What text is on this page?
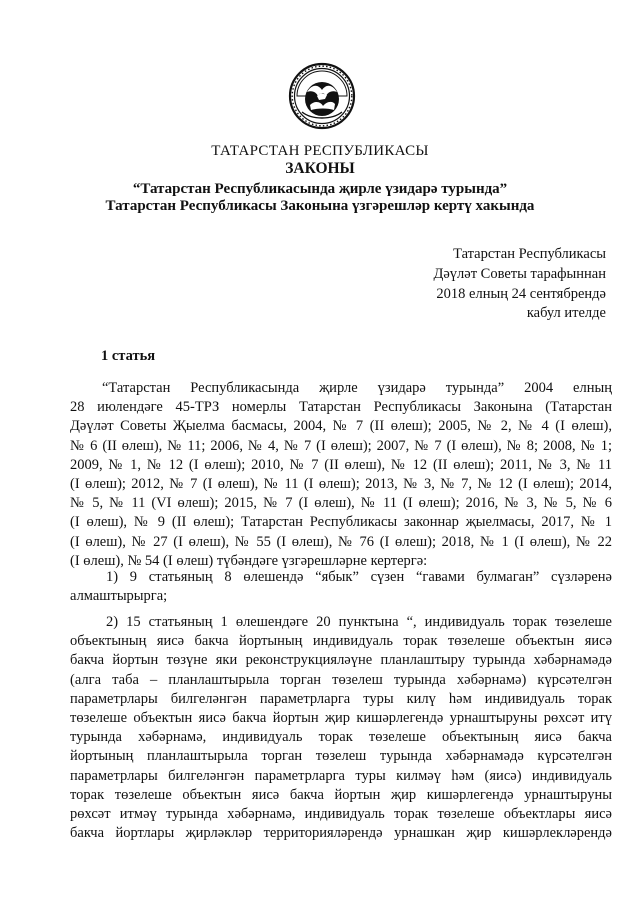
ТАТАРСТАН РЕСПУБЛИКАСЫ
ЗАКОНЫ
“Татарстан Республикасында җирле үзидарә турында”
Татарстан Республикасы Законына үзгәрешләр кертү хакында
Татарстан Республикасы
Дәүләт Советы тарафыннан
2018 елның 24 сентябрендә
кабул ителде
1 статья
“Татарстан Республикасында җирле үзидарә турында” 2004 елның
28 июлендәге 45-ТРЗ номерлы Татарстан Республикасы Законына (Татарстан
Дәүләт Советы Җыелма басмасы, 2004, № 7 (II өлеш); 2005, № 2, № 4 (I өлеш),
№ 6 (II өлеш), № 11; 2006, № 4, № 7 (I өлеш); 2007, № 7 (I өлеш), № 8; 2008, № 1;
2009, № 1, № 12 (I өлеш); 2010, № 7 (II өлеш), № 12 (II өлеш); 2011, № 3, № 11
(I өлеш); 2012, № 7 (I өлеш), № 11 (I өлеш); 2013, № 3, № 7, № 12 (I өлеш); 2014,
№ 5, № 11 (VI өлеш); 2015, № 7 (I өлеш), № 11 (I өлеш); 2016, № 3, № 5, № 6
(I өлеш), № 9 (II өлеш); Татарстан Республикасы законнар җыелмасы, 2017, № 1
(I өлеш), № 27 (I өлеш), № 55 (I өлеш), № 76 (I өлеш); 2018, № 1 (I өлеш), № 22
(I өлеш), № 54 (I өлеш) түбәндәге үзгәрешләрне кертергә:
1) 9 статьяның 8 өлешендә “ябык” сүзен “гавами булмаган” сүзләренә
алмаштырырга;
2) 15 статьяның 1 өлешендәге 20 пунктына “, индивидуаль торак төзелеше
объектының яисә бакча йортының индивидуаль торак төзелеше объектын яисә
бакча йортын төзүне яки реконструкцияләүне планлаштыру турында хәбәрнамәдә
(алга таба – планлаштырыла торган төзелеш турында хәбәрнамә) күрсәтелгән
параметрлары билгеләнгән параметрларга туры килү һәм индивидуаль торак
төзелеше объектын яисә бакча йортын җир кишәрлегендә урнаштыруны рөхсәт итү
турында хәбәрнамә, индивидуаль торак төзелеше объектының яисә бакча
йортының планлаштырыла торган төзелеш турында хәбәрнамәдә күрсәтелгән
параметрлары билгеләнгән параметрларга туры килмәү һәм (яисә) индивидуаль
торак төзелеше объектын яисә бакча йортын җир кишәрлегендә урнаштыруны
рөхсәт итмәү турында хәбәрнамә, индивидуаль торак төзелеше объектлары яисә
бакча йортлары җирләкләр территорияләрендә урнашкан җир кишәрлекләрендә
